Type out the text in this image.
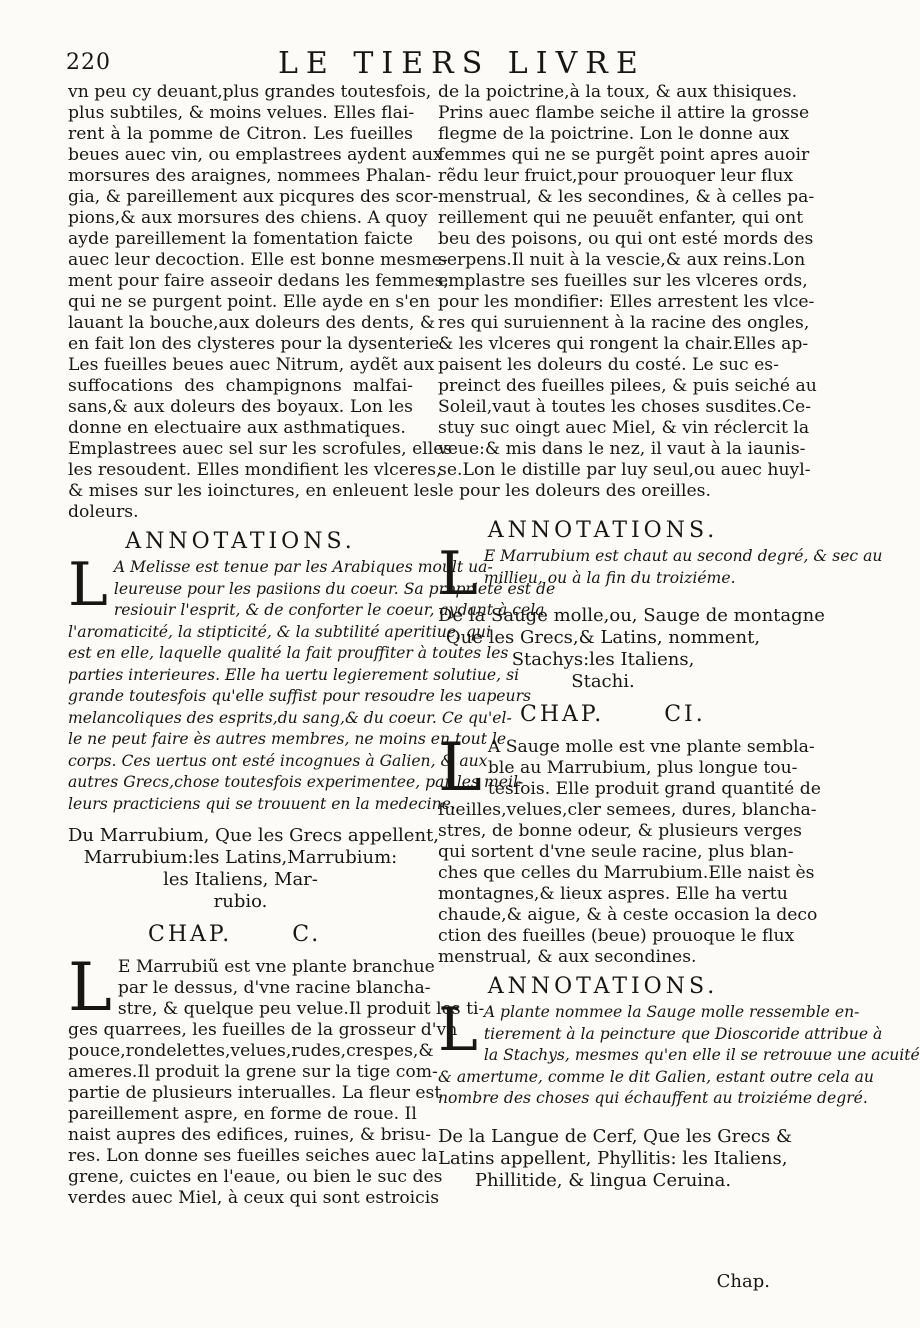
220	LE TIERS LIVRE
vn peu cy deuant,plus grandes toutesfois,
plus subtiles, & moins velues. Elles flai-
rent à la pomme de Citron. Les fueilles
beues auec vin, ou emplastrees aydent aux
morsures des araignes, nommees Phalan-
gia, & pareillement aux picqures des scor-
pions,& aux morsures des chiens. A quoy
ayde pareillement la fomentation faicte
auec leur decoction. Elle est bonne mesme-
ment pour faire asseoir dedans les femmes,
qui ne se purgent point. Elle ayde en s'en
lauant la bouche,aux doleurs des dents, &
en fait lon des clysteres pour la dysenterie.
Les fueilles beues auec Nitrum, aydẽt aux
suffocations des champignons malfai-
sans,& aux doleurs des boyaux. Lon les
donne en electuaire aux asthmatiques.
Emplastrees auec sel sur les scrofules, elles
les resoudent. Elles mondifient les vlceres,
& mises sur les ioinctures, en enleuent les
doleurs.
ANNOTATIONS.
L A Melisse est tenue par les Arabiques moult ua-
leureuse pour les pasiions du coeur. Sa proprieté est de
resiouir l'esprit, & de conforter le coeur, aydant à cela
l'aromaticité, la stipticité, & la subtilité aperitiue, qui
est en elle, laquelle qualité la fait prouffiter à toutes les
parties interieures. Elle ha uertu legierement solutiue, si
grande toutesfois qu'elle suffist pour resoudre les uapeurs
melancoliques des esprits,du sang,& du coeur. Ce qu'el-
le ne peut faire ès autres membres, ne moins en tout le
corps. Ces uertus ont esté incognues à Galien, & aux
autres Grecs,chose toutesfois experimentee, par les meil-
leurs practiciens qui se trouuent en la medecine.
Du Marrubium, Que les Grecs appellent,
Marrubium:les Latins,Marrubium:
les Italiens, Mar-
rubio.
CHAP.      C.
L E Marrubiũ est vne plante branchue
par le dessus, d'vne racine blancha-
stre, & quelque peu velue.Il produit les ti-
ges quarrees, les fueilles de la grosseur d'vn
pouce,rondelettes,velues,rudes,crespes,&
ameres.Il produit la grene sur la tige com-
partie de plusieurs interualles. La fleur est
pareillement aspre, en forme de roue. Il
naist aupres des edifices, ruines, & brisu-
res. Lon donne ses fueilles seiches auec la
grene, cuictes en l'eaue, ou bien le suc des
verdes auec Miel, à ceux qui sont estroicis
de la poictrine,à la toux, & aux thisiques.
Prins auec flambe seiche il attire la grosse
flegme de la poictrine. Lon le donne aux
femmes qui ne se purgẽt point apres auoir
rẽdu leur fruict,pour prouoquer leur flux
menstrual, & les secondines, & à celles pa-
reillement qui ne peuuẽt enfanter, qui ont
beu des poisons, ou qui ont esté mords des
serpens.Il nuit à la vescie,& aux reins.Lon
emplastre ses fueilles sur les vlceres ords,
pour les mondifier: Elles arrestent les vlce-
res qui suruiennent à la racine des ongles,
& les vlceres qui rongent la chair.Elles ap-
paisent les doleurs du costé. Le suc es-
preinct des fueilles pilees, & puis seiché au
Soleil,vaut à toutes les choses susdites.Ce-
stuy suc oingt auec Miel, & vin réclercit la
veue:& mis dans le nez, il vaut à la iaunis-
se.Lon le distille par luy seul,ou auec huyl-
le pour les doleurs des oreilles.
ANNOTATIONS.
L E Marrubium est chaut au second degré, & sec au
millieu, ou à la fin du troiziéme.
De la Sauge molle,ou, Sauge de montagne
Que les Grecs,& Latins, nomment,
Stachys:les Italiens,
Stachi.
CHAP.      CI.
L A Sauge molle est vne plante sembla-
ble au Marrubium, plus longue tou-
tesfois. Elle produit grand quantité de
fueilles,velues,cler semees, dures, blancha-
stres, de bonne odeur, & plusieurs verges
qui sortent d'vne seule racine, plus blan-
ches que celles du Marrubium.Elle naist ès
montagnes,& lieux aspres. Elle ha vertu
chaude,& aigue, & à ceste occasion la deco
ction des fueilles (beue) prouoque le flux
menstrual, & aux secondines.
ANNOTATIONS.
L A plante nommee la Sauge molle ressemble en-
tierement à la peincture que Dioscoride attribue à
la Stachys, mesmes qu'en elle il se retrouue une acuité
& amertume, comme le dit Galien, estant outre cela au
nombre des choses qui échauffent au troiziéme degré.
De la Langue de Cerf, Que les Grecs &
Latins appellent, Phyllitis: les Italiens,
Phillitide, & lingua Ceruina.
Chap.
